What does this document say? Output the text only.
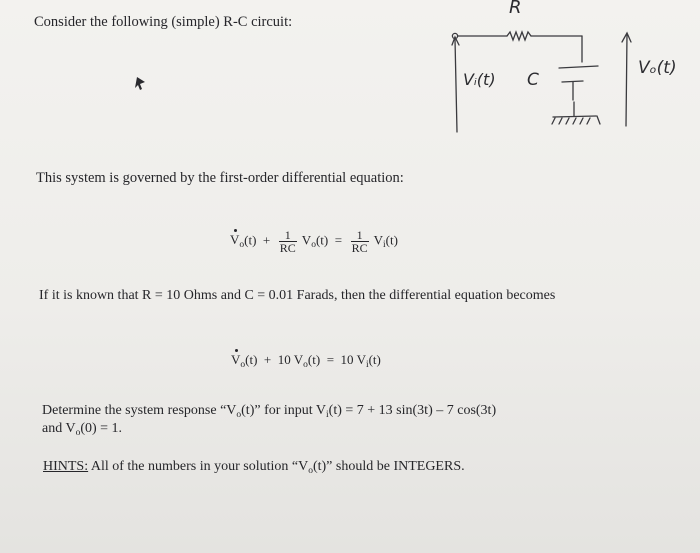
Consider the following (simple) R-C circuit:
R
Vᵢ(t) C
Vₒ(t)
This system is governed by the first-order differential equation:
$V_o(t) + \frac{1}{RC} V_o(t) = \frac{1}{RC} V_i(t)$
If it is known that R = 10 Ohms and C = 0.01 Farads, then the differential equation becomes
$V_o(t) + 10$ $V_o(t) = 10$ $V_i(t)$
Determine the system response “$V_o(t)$” for input $V_i(t) = 7 + 13$ sin(3t) – 7 cos(3t)
and $V_o(0) = 1$.
HINTS: All of the numbers in your solution “$V_o(t)$” should be INTEGERS.
